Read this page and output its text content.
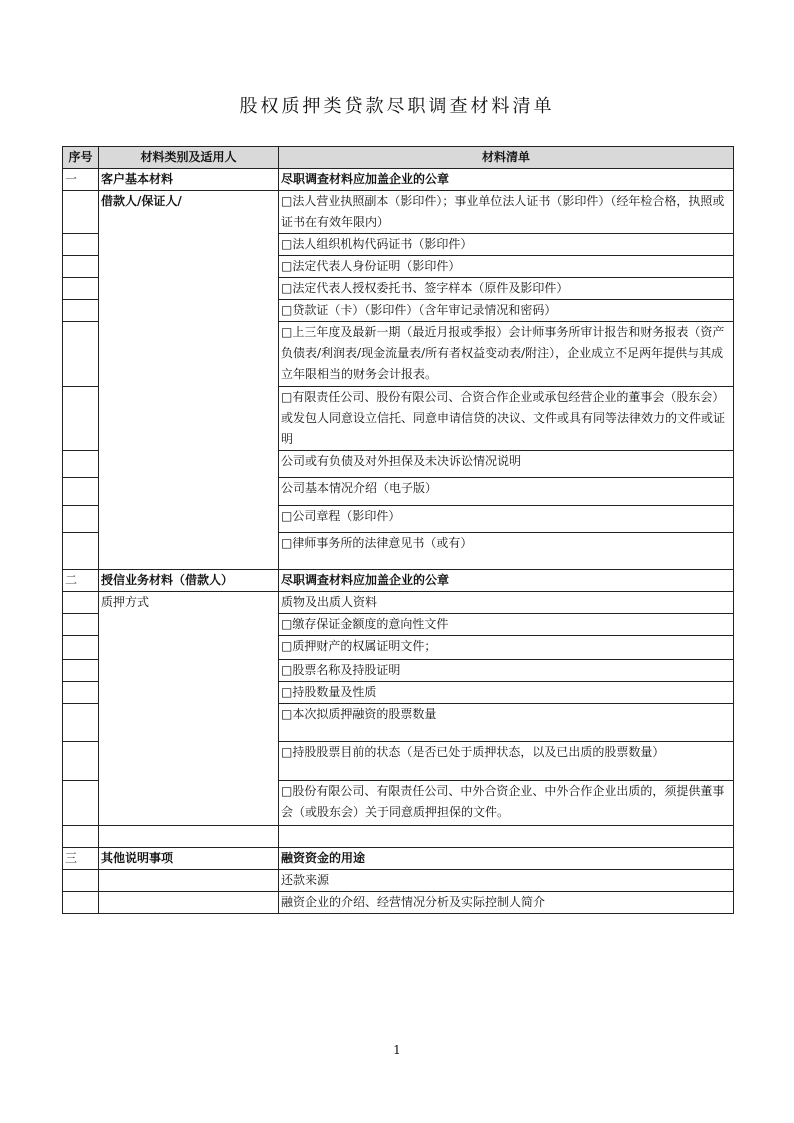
股权质押类贷款尽职调查材料清单
序号	材料类别及适用人	材料清单
一	客户基本材料	尽职调查材料应加盖企业的公章
	借款人/保证人/	□法人营业执照副本（影印件）；事业单位法人证书（影印件）（经年检合格，执照或证书在有效年限内）
		□法人组织机构代码证书（影印件）
		□法定代表人身份证明（影印件）
		□法定代表人授权委托书、签字样本（原件及影印件）
		□贷款证（卡）（影印件）（含年审记录情况和密码）
		□上三年度及最新一期（最近月报或季报）会计师事务所审计报告和财务报表（资产负债表/利润表/现金流量表/所有者权益变动表/附注），企业成立不足两年提供与其成立年限相当的财务会计报表。
		□有限责任公司、股份有限公司、合资合作企业或承包经营企业的董事会（股东会）或发包人同意设立信托、同意申请信贷的决议、文件或具有同等法律效力的文件或证明
		公司或有负债及对外担保及未决诉讼情况说明
		公司基本情况介绍（电子版）
		□公司章程（影印件）
		□律师事务所的法律意见书（或有）
二	授信业务材料（借款人）	尽职调查材料应加盖企业的公章
	质押方式	质物及出质人资料
		□缴存保证金额度的意向性文件
		□质押财产的权属证明文件；
		□股票名称及持股证明
		□持股数量及性质
		□本次拟质押融资的股票数量
		□持股股票目前的状态（是否已处于质押状态，以及已出质的股票数量）
		□股份有限公司、有限责任公司、中外合资企业、中外合作企业出质的，须提供董事会（或股东会）关于同意质押担保的文件。

三	其他说明事项	融资资金的用途
		还款来源
		融资企业的介绍、经营情况分析及实际控制人简介
1
